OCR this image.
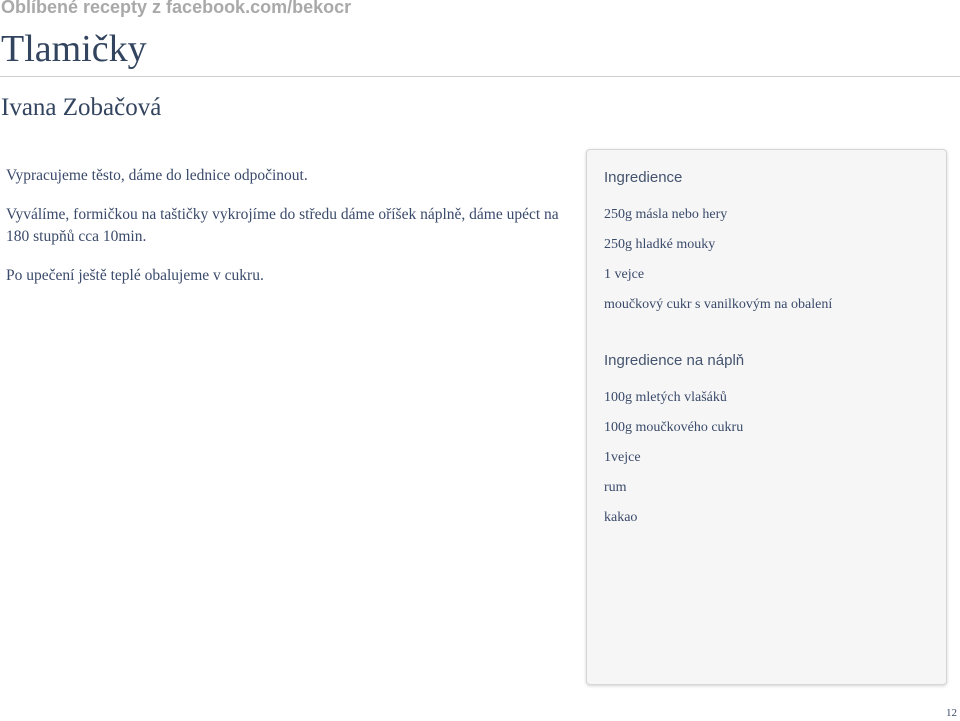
Oblíbené recepty z facebook.com/bekocr
Tlamičky
Ivana Zobačová

Vypracujeme těsto, dáme do lednice odpočinout.

Vyválíme, formičkou na taštičky vykrojíme do středu dáme oříšek náplně, dáme upéct na 180 stupňů cca 10min.

Po upečení ještě teplé obalujeme v cukru.

Ingredience
250g másla nebo hery
250g hladké mouky
1 vejce
moučkový cukr s vanilkovým na obalení
Ingredience na náplň
100g mletých vlašáků
100g moučkového cukru
1vejce
rum
kakao
12
